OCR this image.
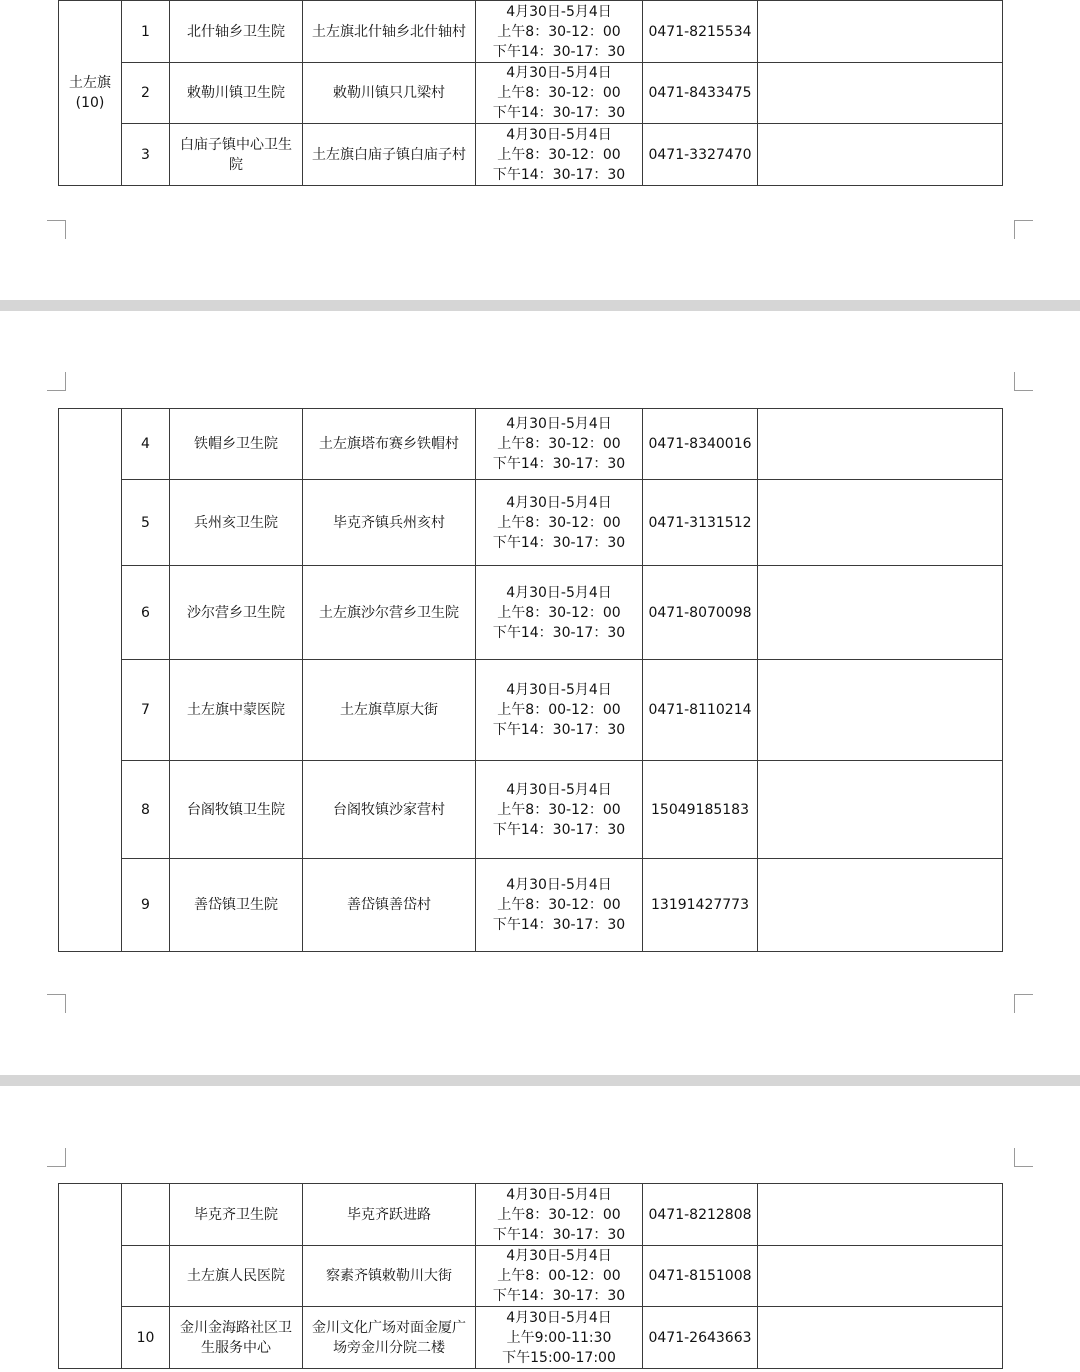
土左旗
(10)	1	北什轴乡卫生院	土左旗北什轴乡北什轴村	4月30日-5月4日
上午8：30-12：00
下午14：30-17：30	0471-8215534	
	2	敕勒川镇卫生院	敕勒川镇只几梁村	4月30日-5月4日
上午8：30-12：00
下午14：30-17：30	0471-8433475	
	3	白庙子镇中心卫生院	土左旗白庙子镇白庙子村	4月30日-5月4日
上午8：30-12：00
下午14：30-17：30	0471-3327470	
	4	铁帽乡卫生院	土左旗塔布赛乡铁帽村	4月30日-5月4日
上午8：30-12：00
下午14：30-17：30	0471-8340016	
	5	兵州亥卫生院	毕克齐镇兵州亥村	4月30日-5月4日
上午8：30-12：00
下午14：30-17：30	0471-3131512	
	6	沙尔营乡卫生院	土左旗沙尔营乡卫生院	4月30日-5月4日
上午8：30-12：00
下午14：30-17：30	0471-8070098	
	7	土左旗中蒙医院	土左旗草原大街	4月30日-5月4日
上午8：00-12：00
下午14：30-17：30	0471-8110214	
	8	台阁牧镇卫生院	台阁牧镇沙家营村	4月30日-5月4日
上午8：30-12：00
下午14：30-17：30	15049185183	
	9	善岱镇卫生院	善岱镇善岱村	4月30日-5月4日
上午8：30-12：00
下午14：30-17：30	13191427773	
		毕克齐卫生院	毕克齐跃进路	4月30日-5月4日
上午8：30-12：00
下午14：30-17：30	0471-8212808	
		土左旗人民医院	察素齐镇敕勒川大街	4月30日-5月4日
上午8：00-12：00
下午14：30-17：30	0471-8151008	
	10	金川金海路社区卫生服务中心	金川文化广场对面金厦广场旁金川分院二楼	4月30日-5月4日
上午9:00-11:30
下午15:00-17:00	0471-2643663	
